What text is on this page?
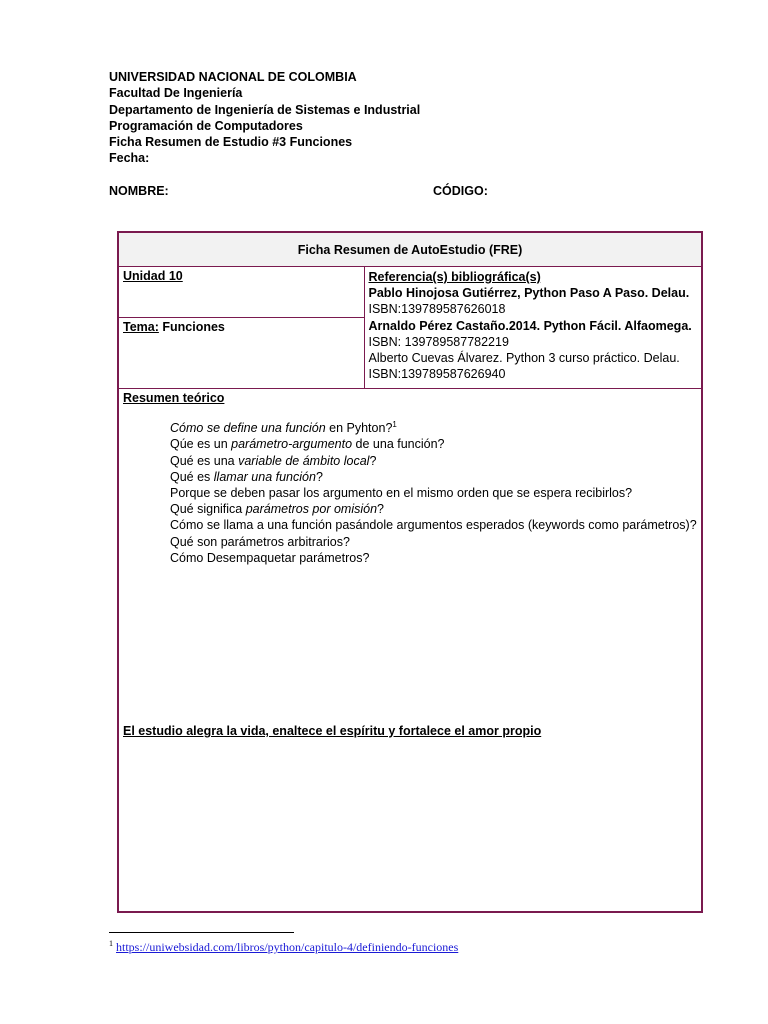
UNIVERSIDAD NACIONAL DE COLOMBIA
Facultad De Ingeniería
Departamento de Ingeniería de Sistemas e Industrial
Programación de Computadores
Ficha Resumen de Estudio #3 Funciones
Fecha:
NOMBRE:	CÓDIGO:
Ficha Resumen de AutoEstudio (FRE)
Unidad 10	Referencia(s) bibliográfica(s)
Pablo Hinojosa Gutiérrez, Python Paso A Paso. Delau.
ISBN:139789587626018
Arnaldo Pérez Castaño.2014. Python Fácil. Alfaomega.
ISBN: 139789587782219
Alberto Cuevas Álvarez. Python 3 curso práctico. Delau.
ISBN:139789587626940

Tema: Funciones

Resumen teórico
Cómo se define una función en Pyhton?$^1$
Qúe es un parámetro-argumento de una función?
Qué es una variable de ámbito local?
Qué es llamar una función?
Porque se deben pasar los argumento en el mismo orden que se espera recibirlos?
Qué significa parámetros por omisión?
Cómo se llama a una función pasándole argumentos esperados (keywords como parámetros)?
Qué son parámetros arbitrarios?
Cómo Desempaquetar parámetros?
El estudio alegra la vida, enaltece el espíritu y fortalece el amor propio
$^1$ https://uniwebsidad.com/libros/python/capitulo-4/definiendo-funciones
